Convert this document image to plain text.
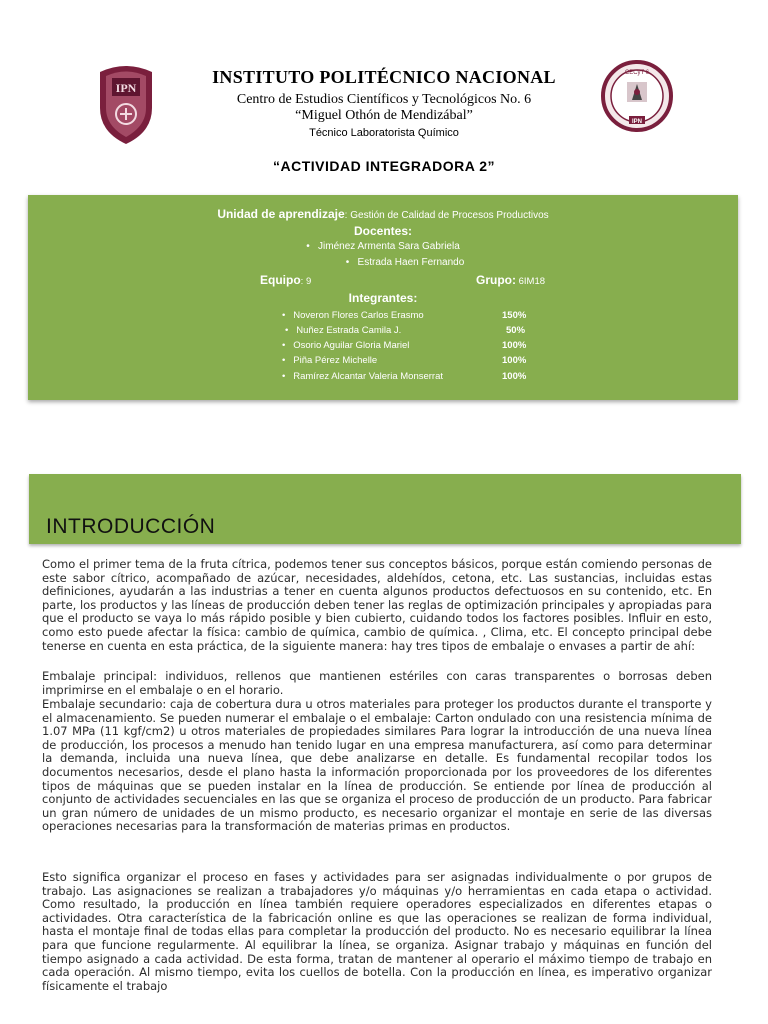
IPN
CECyT 6
IPN
INSTITUTO POLITÉCNICO NACIONAL
Centro de Estudios Científicos y Tecnológicos No. 6
“Miguel Othón de Mendizábal”
Técnico Laboratorista Químico
“ACTIVIDAD INTEGRADORA 2”
Unidad de aprendizaje: Gestión de Calidad de Procesos Productivos
Docentes:
•   Jiménez Armenta Sara Gabriela
•   Estrada Haen Fernando
Equipo: 9	Grupo: 6IM18
Integrantes:
•   Noveron Flores Carlos Erasmo	150%
•   Nuñez Estrada Camila J.	50%
•   Osorio Aguilar Gloria Mariel	100%
•   Piña Pérez Michelle	100%
•   Ramírez Alcantar Valeria Monserrat	100%
INTRODUCCIÓN
Como el primer tema de la fruta cítrica, podemos tener sus conceptos básicos, porque están comiendo personas de este sabor cítrico, acompañado de azúcar, necesidades, aldehídos, cetona, etc. Las sustancias, incluidas estas definiciones, ayudarán a las industrias a tener en cuenta algunos productos defectuosos en su contenido, etc. En parte, los productos y las líneas de producción deben tener las reglas de optimización principales y apropiadas para que el producto se vaya lo más rápido posible y bien cubierto, cuidando todos los factores posibles. Influir en esto, como esto puede afectar la física: cambio de química, cambio de química. , Clima, etc. El concepto principal debe tenerse en cuenta en esta práctica, de la siguiente manera: hay tres tipos de embalaje o envases a partir de ahí:
Embalaje principal: individuos, rellenos que mantienen estériles con caras transparentes o borrosas deben imprimirse en el embalaje o en el horario.
Embalaje secundario: caja de cobertura dura u otros materiales para proteger los productos durante el transporte y el almacenamiento. Se pueden numerar el embalaje o el embalaje: Carton ondulado con una resistencia mínima de 1.07 MPa (11 kgf/cm2) u otros materiales de propiedades similares Para lograr la introducción de una nueva línea de producción, los procesos a menudo han tenido lugar en una empresa manufacturera, así como para determinar la demanda, incluida una nueva línea, que debe analizarse en detalle. Es fundamental recopilar todos los documentos necesarios, desde el plano hasta la información proporcionada por los proveedores de los diferentes tipos de máquinas que se pueden instalar en la línea de producción. Se entiende por línea de producción al conjunto de actividades secuenciales en las que se organiza el proceso de producción de un producto. Para fabricar un gran número de unidades de un mismo producto, es necesario organizar el montaje en serie de las diversas operaciones necesarias para la transformación de materias primas en productos.
Esto significa organizar el proceso en fases y actividades para ser asignadas individualmente o por grupos de trabajo. Las asignaciones se realizan a trabajadores y/o máquinas y/o herramientas en cada etapa o actividad. Como resultado, la producción en línea también requiere operadores especializados en diferentes etapas o actividades. Otra característica de la fabricación online es que las operaciones se realizan de forma individual, hasta el montaje final de todas ellas para completar la producción del producto. No es necesario equilibrar la línea para que funcione regularmente. Al equilibrar la línea, se organiza. Asignar trabajo y máquinas en función del tiempo asignado a cada actividad. De esta forma, tratan de mantener al operario el máximo tiempo de trabajo en cada operación. Al mismo tiempo, evita los cuellos de botella. Con la producción en línea, es imperativo organizar físicamente el trabajo
